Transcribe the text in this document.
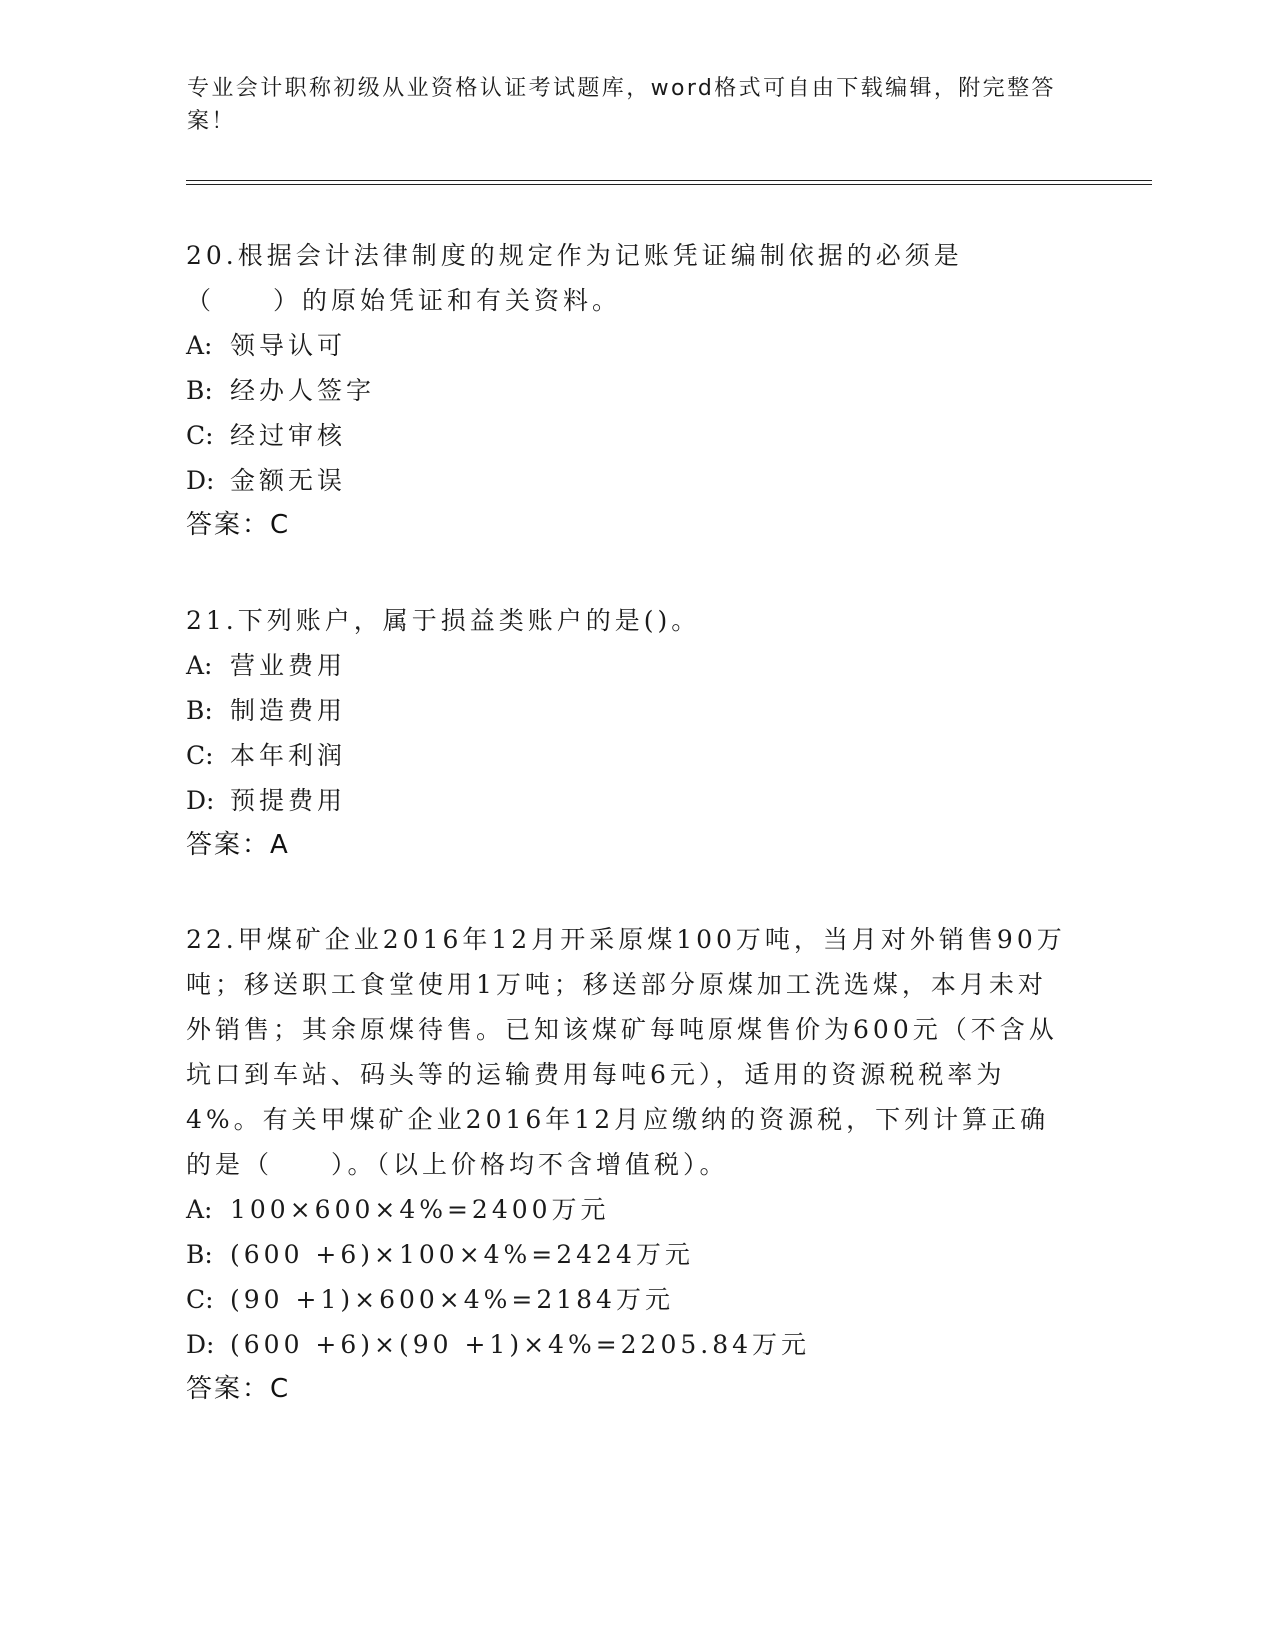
专业会计职称初级从业资格认证考试题库，word格式可自由下载编辑，附完整答案！

20.根据会计法律制度的规定作为记账凭证编制依据的必须是（　　）的原始凭证和有关资料。

A: 领导认可

B: 经办人签字

C: 经过审核

D: 金额无误

答案：C

21.下列账户，属于损益类账户的是()。

A: 营业费用

B: 制造费用

C: 本年利润

D: 预提费用

答案：A

22.甲煤矿企业2016年12月开采原煤100万吨，当月对外销售90万吨；移送职工食堂使用1万吨；移送部分原煤加工洗选煤，本月未对外销售；其余原煤待售。已知该煤矿每吨原煤售价为600元（不含从坑口到车站、码头等的运输费用每吨6元），适用的资源税税率为4%。有关甲煤矿企业2016年12月应缴纳的资源税，下列计算正确的是（　　）。（以上价格均不含增值税）。

A: 100×600×4%=2400万元

B: (600 +6)×100×4%=2424万元

C: (90 +1)×600×4%=2184万元

D: (600 +6)×(90 +1)×4%=2205.84万元

答案：C
